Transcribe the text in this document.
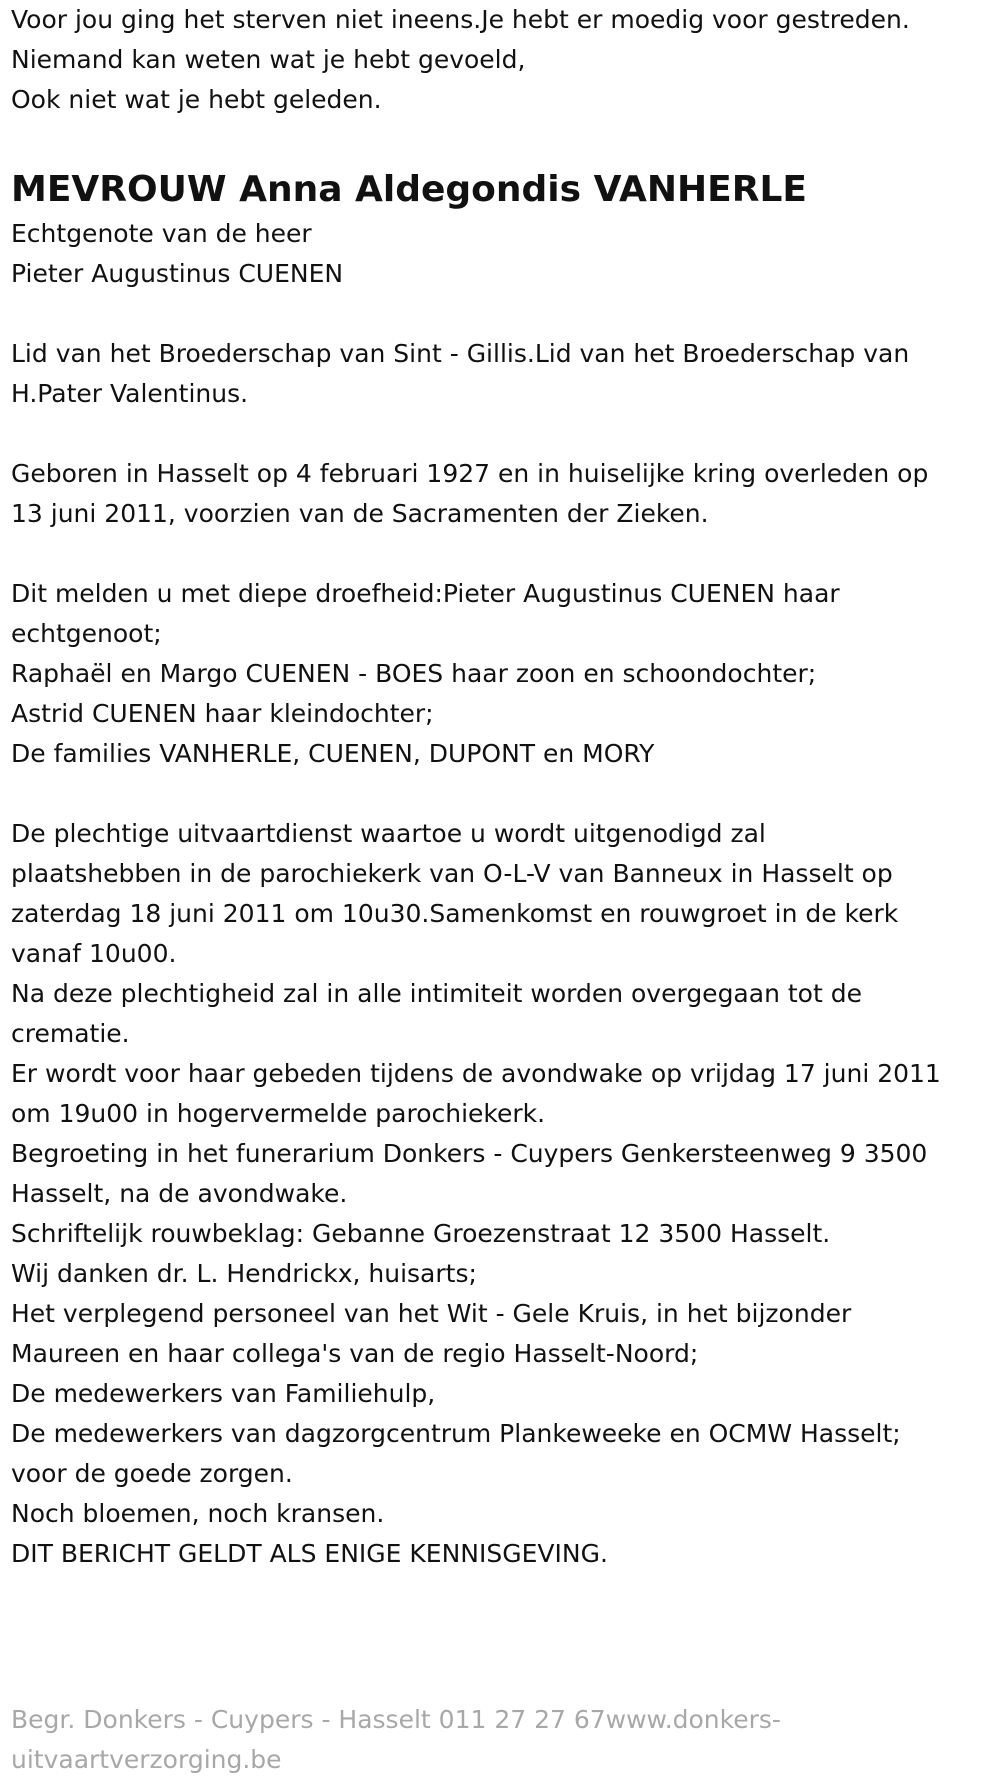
Voor jou ging het sterven niet ineens.Je hebt er moedig voor gestreden.
Niemand kan weten wat je hebt gevoeld,
Ook niet wat je hebt geleden.
MEVROUW Anna Aldegondis VANHERLE
Echtgenote van de heer
Pieter Augustinus CUENEN
Lid van het Broederschap van Sint - Gillis.Lid van het Broederschap van
H.Pater Valentinus.
Geboren in Hasselt op 4 februari 1927 en in huiselijke kring overleden op
13 juni 2011, voorzien van de Sacramenten der Zieken.
Dit melden u met diepe droefheid:Pieter Augustinus CUENEN haar
echtgenoot;
Raphaël en Margo CUENEN - BOES haar zoon en schoondochter;
Astrid CUENEN haar kleindochter;
De families VANHERLE, CUENEN, DUPONT en MORY
De plechtige uitvaartdienst waartoe u wordt uitgenodigd zal
plaatshebben in de parochiekerk van O-L-V van Banneux in Hasselt op
zaterdag 18 juni 2011 om 10u30.Samenkomst en rouwgroet in de kerk
vanaf 10u00.
Na deze plechtigheid zal in alle intimiteit worden overgegaan tot de
crematie.
Er wordt voor haar gebeden tijdens de avondwake op vrijdag 17 juni 2011
om 19u00 in hogervermelde parochiekerk.
Begroeting in het funerarium Donkers - Cuypers Genkersteenweg 9 3500
Hasselt, na de avondwake.
Schriftelijk rouwbeklag: Gebanne Groezenstraat 12 3500 Hasselt.
Wij danken dr. L. Hendrickx, huisarts;
Het verplegend personeel van het Wit - Gele Kruis, in het bijzonder
Maureen en haar collega's van de regio Hasselt-Noord;
De medewerkers van Familiehulp,
De medewerkers van dagzorgcentrum Plankeweeke en OCMW Hasselt;
voor de goede zorgen.
Noch bloemen, noch kransen.
DIT BERICHT GELDT ALS ENIGE KENNISGEVING.
Begr. Donkers - Cuypers - Hasselt 011 27 27 67www.donkers-
uitvaartverzorging.be
